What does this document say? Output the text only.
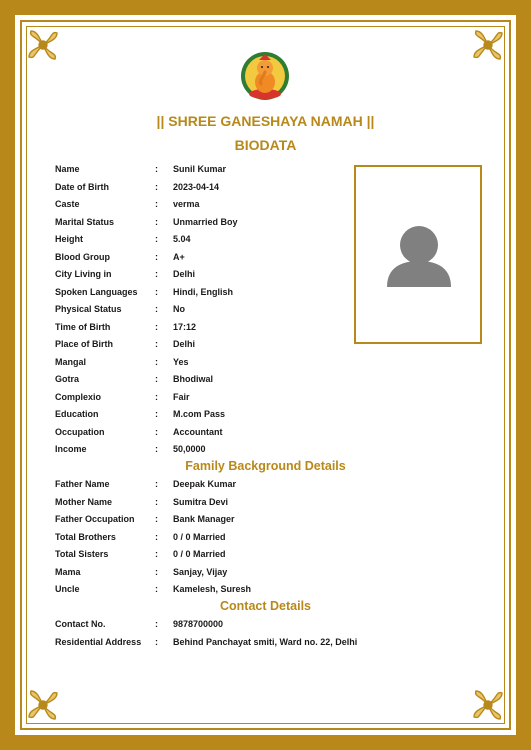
|| SHREE GANESHAYA NAMAH ||
BIODATA
Name	:	Sunil Kumar
Date of Birth	:	2023-04-14
Caste	:	verma
Marital Status	:	Unmarried Boy
Height	:	5.04
Blood Group	:	A+
City Living in	:	Delhi
Spoken Languages	:	Hindi, English
Physical Status	:	No
Time of Birth	:	17:12
Place of Birth	:	Delhi
Mangal	:	Yes
Gotra	:	Bhodiwal
Complexio	:	Fair
Education	:	M.com Pass
Occupation	:	Accountant
Income	:	50,0000
Family Background Details
Father Name	:	Deepak Kumar
Mother Name	:	Sumitra Devi
Father Occupation	:	Bank Manager
Total Brothers	:	0 / 0 Married
Total Sisters	:	0 / 0 Married
Mama	:	Sanjay, Vijay
Uncle	:	Kamelesh, Suresh
Contact Details
Contact No.	:	9878700000
Residential Address	:	Behind Panchayat smiti, Ward no. 22, Delhi
